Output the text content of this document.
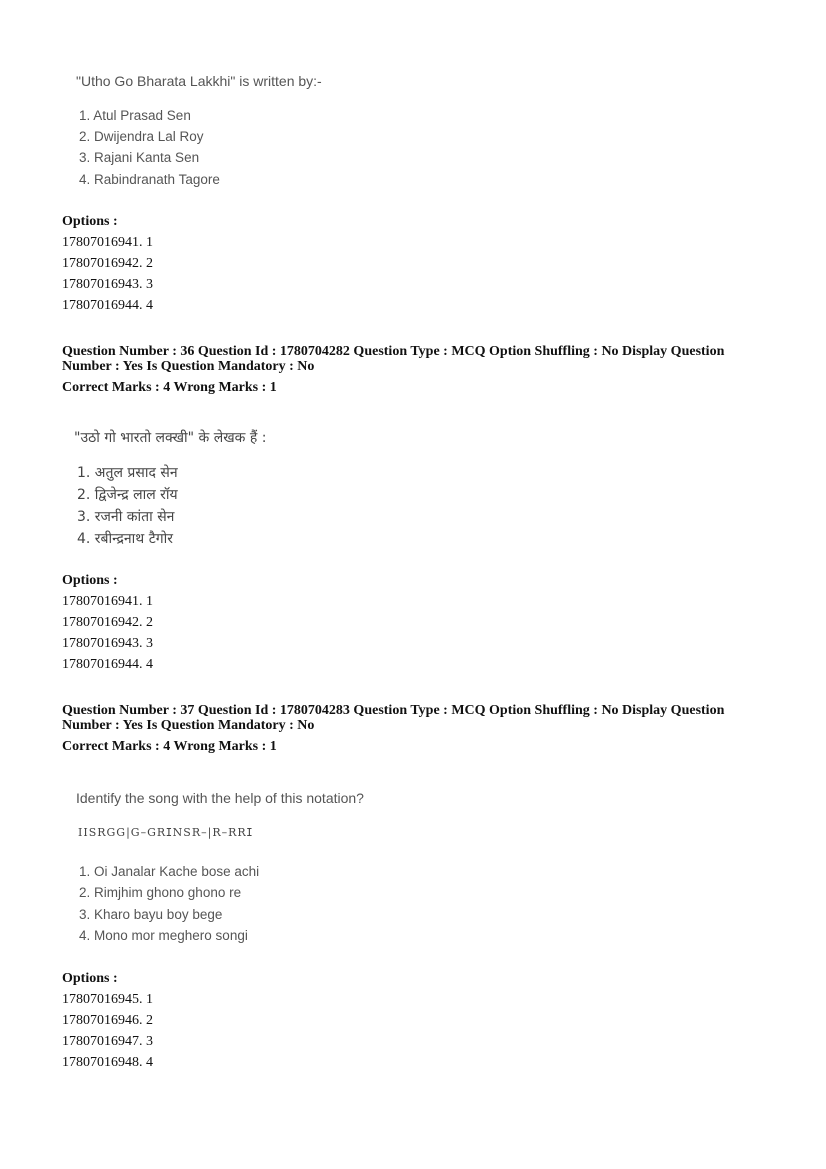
"Utho Go Bharata Lakkhi" is written by:-
1. Atul Prasad Sen
2. Dwijendra Lal Roy
3. Rajani Kanta Sen
4. Rabindranath Tagore
Options :
17807016941. 1
17807016942. 2
17807016943. 3
17807016944. 4
Question Number : 36 Question Id : 1780704282 Question Type : MCQ Option Shuffling : No Display Question
Number : Yes Is Question Mandatory : No
Correct Marks : 4 Wrong Marks : 1
"उठो गो भारतो लक्खी" के लेखक हैं :
1. अतुल प्रसाद सेन
2. द्विजेन्द्र लाल रॉय
3. रजनी कांता सेन
4. रबीन्द्रनाथ टैगोर
Options :
17807016941. 1
17807016942. 2
17807016943. 3
17807016944. 4
Question Number : 37 Question Id : 1780704283 Question Type : MCQ Option Shuffling : No Display Question
Number : Yes Is Question Mandatory : No
Correct Marks : 4 Wrong Marks : 1
Identify the song with the help of this notation?
IISRGG|G–GRⵊNSR–|R–RRⵊ
1. Oi Janalar Kache bose achi
2. Rimjhim ghono ghono re
3. Kharo bayu boy bege
4. Mono mor meghero songi
Options :
17807016945. 1
17807016946. 2
17807016947. 3
17807016948. 4
